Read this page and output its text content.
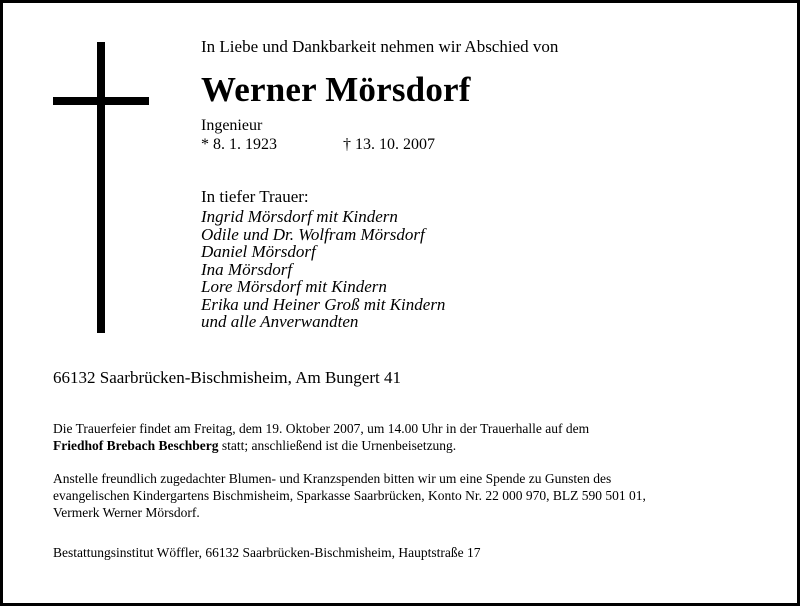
In Liebe und Dankbarkeit nehmen wir Abschied von
Werner Mörsdorf
Ingenieur
* 8. 1. 1923	† 13. 10. 2007
In tiefer Trauer:
Ingrid Mörsdorf mit Kindern
Odile und Dr. Wolfram Mörsdorf
Daniel Mörsdorf
Ina Mörsdorf
Lore Mörsdorf mit Kindern
Erika und Heiner Groß mit Kindern
und alle Anverwandten
66132 Saarbrücken-Bischmisheim, Am Bungert 41
Die Trauerfeier findet am Freitag, dem 19. Oktober 2007, um 14.00 Uhr in der Trauerhalle auf dem
Friedhof Brebach Beschberg statt; anschließend ist die Urnenbeisetzung.
Anstelle freundlich zugedachter Blumen- und Kranzspenden bitten wir um eine Spende zu Gunsten des
evangelischen Kindergartens Bischmisheim, Sparkasse Saarbrücken, Konto Nr. 22 000 970, BLZ 590 501 01,
Vermerk Werner Mörsdorf.
Bestattungsinstitut Wöffler, 66132 Saarbrücken-Bischmisheim, Hauptstraße 17
